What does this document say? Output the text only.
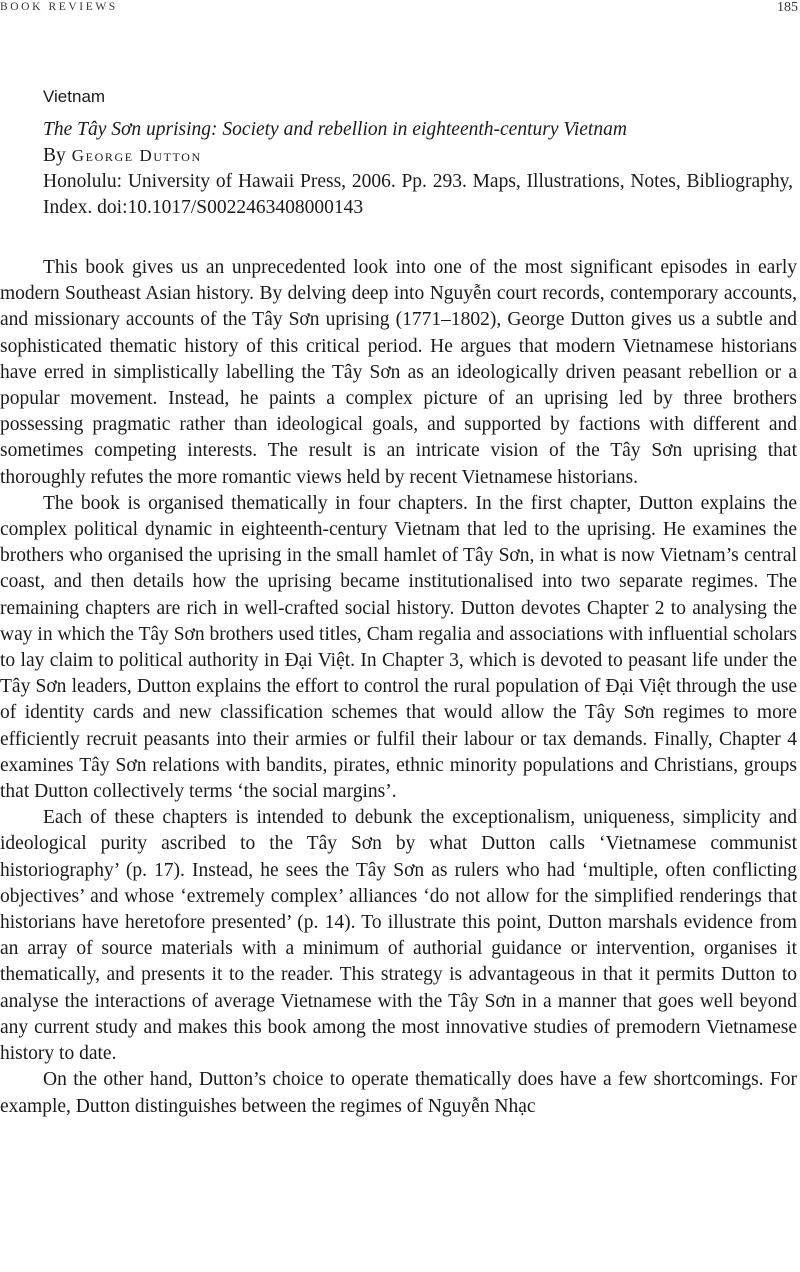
BOOK REVIEWS	185
Vietnam
The Tây Sơn uprising: Society and rebellion in eighteenth-century Vietnam
By George Dutton
Honolulu: University of Hawaii Press, 2006. Pp. 293. Maps, Illustrations, Notes, Bibliography, Index. doi:10.1017/S0022463408000143

This book gives us an unprecedented look into one of the most significant episodes in early modern Southeast Asian history. By delving deep into Nguyễn court records, contemporary accounts, and missionary accounts of the Tây Sơn uprising (1771–1802), George Dutton gives us a subtle and sophisticated thematic history of this critical period. He argues that modern Vietnamese historians have erred in simplistically labelling the Tây Sơn as an ideologically driven peasant rebellion or a popular movement. Instead, he paints a complex picture of an uprising led by three brothers possessing pragmatic rather than ideological goals, and supported by factions with different and sometimes competing interests. The result is an intricate vision of the Tây Sơn uprising that thoroughly refutes the more romantic views held by recent Vietnamese historians.

The book is organised thematically in four chapters. In the first chapter, Dutton explains the complex political dynamic in eighteenth-century Vietnam that led to the uprising. He examines the brothers who organised the uprising in the small hamlet of Tây Sơn, in what is now Vietnam’s central coast, and then details how the uprising became institutionalised into two separate regimes. The remaining chapters are rich in well-crafted social history. Dutton devotes Chapter 2 to analysing the way in which the Tây Sơn brothers used titles, Cham regalia and associations with influential scholars to lay claim to political authority in Đại Việt. In Chapter 3, which is devoted to peasant life under the Tây Sơn leaders, Dutton explains the effort to control the rural population of Đại Việt through the use of identity cards and new classification schemes that would allow the Tây Sơn regimes to more efficiently recruit peasants into their armies or fulfil their labour or tax demands. Finally, Chapter 4 examines Tây Sơn relations with bandits, pirates, ethnic minority populations and Christians, groups that Dutton collectively terms ‘the social margins’.

Each of these chapters is intended to debunk the exceptionalism, uniqueness, simplicity and ideological purity ascribed to the Tây Sơn by what Dutton calls ‘Vietnamese communist historiography’ (p. 17). Instead, he sees the Tây Sơn as rulers who had ‘multiple, often conflicting objectives’ and whose ‘extremely complex’ alliances ‘do not allow for the simplified renderings that historians have heretofore presented’ (p. 14). To illustrate this point, Dutton marshals evidence from an array of source materials with a minimum of authorial guidance or intervention, organises it thematically, and presents it to the reader. This strategy is advantageous in that it permits Dutton to analyse the interactions of average Vietnamese with the Tây Sơn in a manner that goes well beyond any current study and makes this book among the most innovative studies of premodern Vietnamese history to date.

On the other hand, Dutton’s choice to operate thematically does have a few shortcomings. For example, Dutton distinguishes between the regimes of Nguyễn Nhạc
